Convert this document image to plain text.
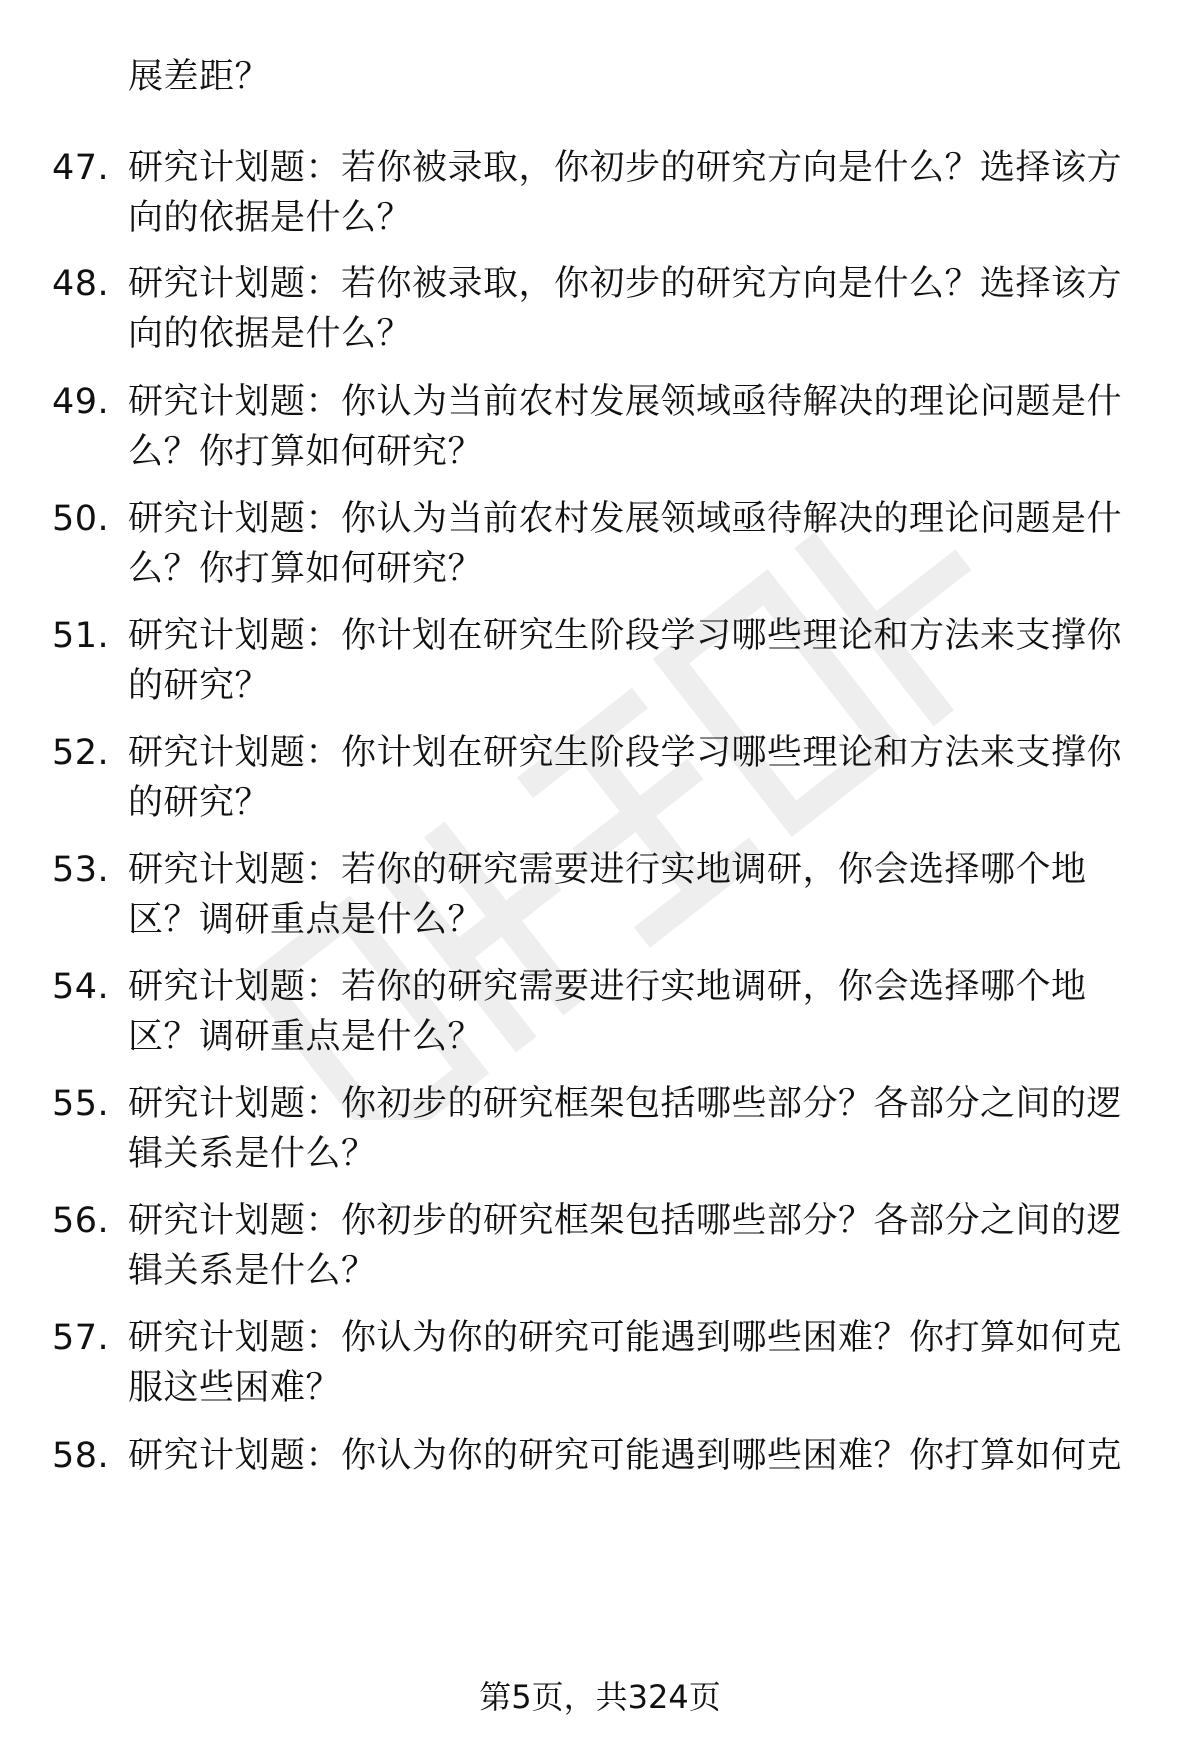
展差距？
47. 研究计划题：若你被录取，你初步的研究方向是什么？选择该方向的依据是什么？
48. 研究计划题：若你被录取，你初步的研究方向是什么？选择该方向的依据是什么？
49. 研究计划题：你认为当前农村发展领域亟待解决的理论问题是什么？你打算如何研究？
50. 研究计划题：你认为当前农村发展领域亟待解决的理论问题是什么？你打算如何研究？
51. 研究计划题：你计划在研究生阶段学习哪些理论和方法来支撑你的研究？
52. 研究计划题：你计划在研究生阶段学习哪些理论和方法来支撑你的研究？
53. 研究计划题：若你的研究需要进行实地调研，你会选择哪个地区？调研重点是什么？
54. 研究计划题：若你的研究需要进行实地调研，你会选择哪个地区？调研重点是什么？
55. 研究计划题：你初步的研究框架包括哪些部分？各部分之间的逻辑关系是什么？
56. 研究计划题：你初步的研究框架包括哪些部分？各部分之间的逻辑关系是什么？
57. 研究计划题：你认为你的研究可能遇到哪些困难？你打算如何克服这些困难？
58. 研究计划题：你认为你的研究可能遇到哪些困难？你打算如何克
第5页，共324页
